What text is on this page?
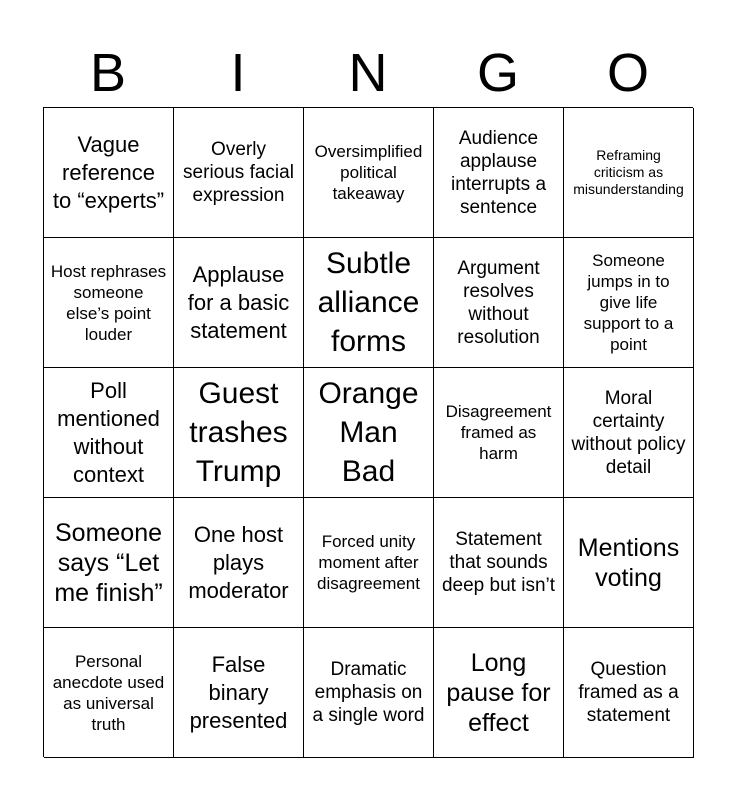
B	I	N	G	O
Vague reference to “experts”
Overly serious facial expression
Oversimplified political takeaway
Audience applause interrupts a sentence
Reframing criticism as misunderstanding
Host rephrases someone else’s point louder
Applause for a basic statement
Subtle alliance forms
Argument resolves without resolution
Someone jumps in to give life support to a point
Poll mentioned without context
Guest trashes Trump
Orange Man Bad
Disagreement framed as harm
Moral certainty without policy detail
Someone says “Let me finish”
One host plays moderator
Forced unity moment after disagreement
Statement that sounds deep but isn’t
Mentions voting
Personal anecdote used as universal truth
False binary presented
Dramatic emphasis on a single word
Long pause for effect
Question framed as a statement
